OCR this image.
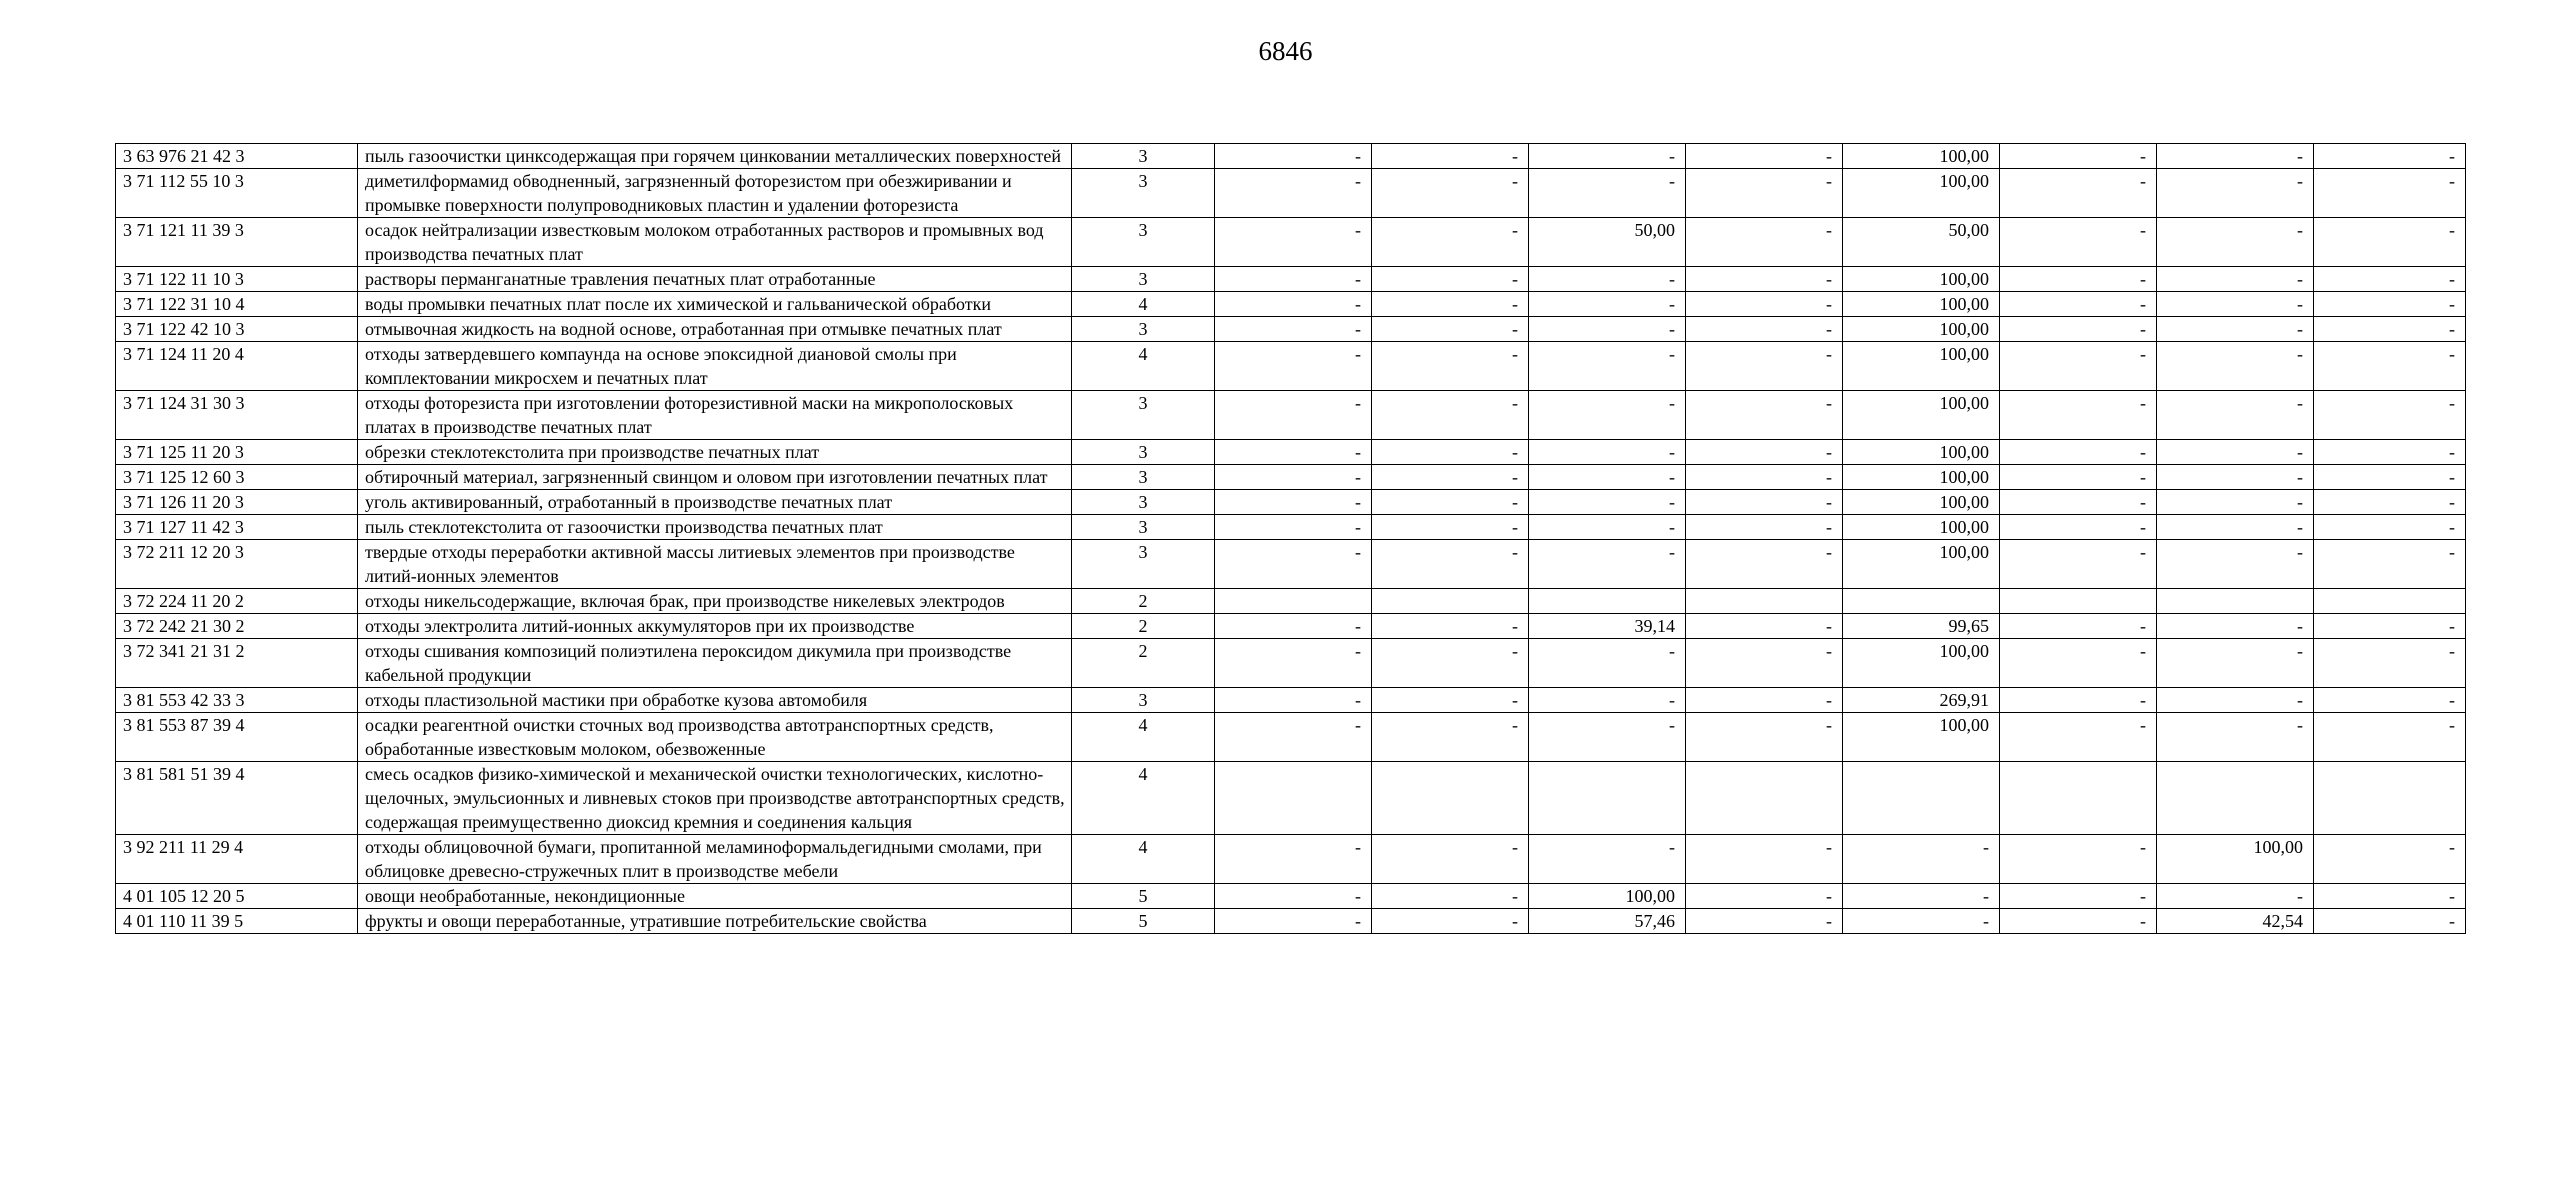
6846
3 63 976 21 42 3	пыль газоочистки цинксодержащая при горячем цинковании металлических поверхностей	3	-	-	-	-	100,00	-	-	-
3 71 112 55 10 3	диметилформамид обводненный, загрязненный фоторезистом при обезжиривании и промывке поверхности полупроводниковых пластин и удалении фоторезиста	3	-	-	-	-	100,00	-	-	-
3 71 121 11 39 3	осадок нейтрализации известковым молоком отработанных растворов и промывных вод производства печатных плат	3	-	-	50,00	-	50,00	-	-	-
3 71 122 11 10 3	растворы перманганатные травления печатных плат отработанные	3	-	-	-	-	100,00	-	-	-
3 71 122 31 10 4	воды промывки печатных плат после их химической и гальванической обработки	4	-	-	-	-	100,00	-	-	-
3 71 122 42 10 3	отмывочная жидкость на водной основе, отработанная при отмывке печатных плат	3	-	-	-	-	100,00	-	-	-
3 71 124 11 20 4	отходы затвердевшего компаунда на основе эпоксидной диановой смолы при комплектовании микросхем и печатных плат	4	-	-	-	-	100,00	-	-	-
3 71 124 31 30 3	отходы фоторезиста при изготовлении фоторезистивной маски на микрополосковых платах в производстве печатных плат	3	-	-	-	-	100,00	-	-	-
3 71 125 11 20 3	обрезки стеклотекстолита при производстве печатных плат	3	-	-	-	-	100,00	-	-	-
3 71 125 12 60 3	обтирочный материал, загрязненный свинцом и оловом при изготовлении печатных плат	3	-	-	-	-	100,00	-	-	-
3 71 126 11 20 3	уголь активированный, отработанный в производстве печатных плат	3	-	-	-	-	100,00	-	-	-
3 71 127 11 42 3	пыль стеклотекстолита от газоочистки производства печатных плат	3	-	-	-	-	100,00	-	-	-
3 72 211 12 20 3	твердые отходы переработки активной массы литиевых элементов при производстве литий-ионных элементов	3	-	-	-	-	100,00	-	-	-
3 72 224 11 20 2	отходы никельсодержащие, включая брак, при производстве никелевых электродов	2								
3 72 242 21 30 2	отходы электролита литий-ионных аккумуляторов при их производстве	2	-	-	39,14	-	99,65	-	-	-
3 72 341 21 31 2	отходы сшивания композиций полиэтилена пероксидом дикумила при производстве кабельной продукции	2	-	-	-	-	100,00	-	-	-
3 81 553 42 33 3	отходы пластизольной мастики при обработке кузова автомобиля	3	-	-	-	-	269,91	-	-	-
3 81 553 87 39 4	осадки реагентной очистки сточных вод производства автотранспортных средств, обработанные известковым молоком, обезвоженные	4	-	-	-	-	100,00	-	-	-
3 81 581 51 39 4	смесь осадков физико-химической и механической очистки технологических, кислотно-щелочных, эмульсионных и ливневых стоков при производстве автотранспортных средств, содержащая преимущественно диоксид кремния и соединения кальция	4								
3 92 211 11 29 4	отходы облицовочной бумаги, пропитанной меламиноформальдегидными смолами, при облицовке древесно-стружечных плит в производстве мебели	4	-	-	-	-	-	-	100,00	-
4 01 105 12 20 5	овощи необработанные, некондиционные	5	-	-	100,00	-	-	-	-	-
4 01 110 11 39 5	фрукты и овощи переработанные, утратившие потребительские свойства	5	-	-	57,46	-	-	-	42,54	-
